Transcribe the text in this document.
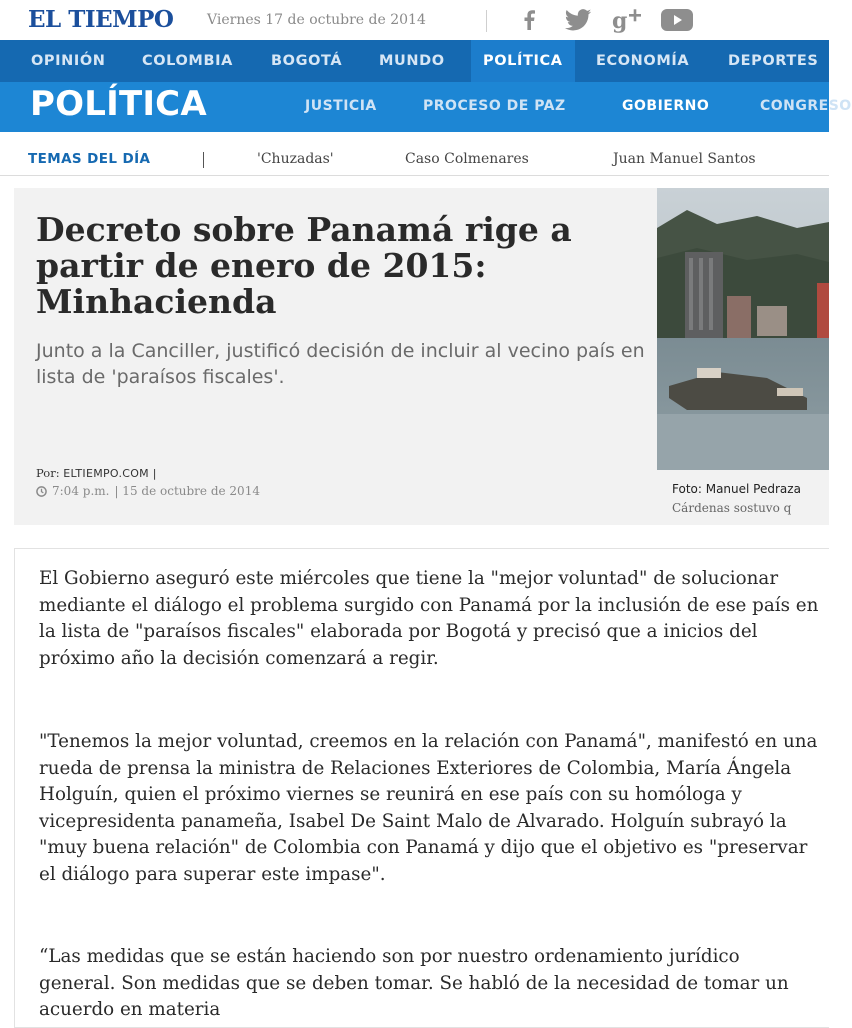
EL TIEMPO Viernes 17 de octubre de 2014	g
OPINIÓN	COLOMBIA	BOGOTÁ	MUNDO	POLÍTICA	ECONOMÍA	DEPORTES
POLÍTICA	JUSTICIA	PROCESO DE PAZ	GOBIERNO	CONGRESO
TEMAS DEL DÍA	'Chuzadas'	Caso Colmenares	Juan Manuel Santos
Decreto sobre Panamá rige a partir de enero de 2015: Minhacienda

Junto a la Canciller, justificó decisión de incluir al vecino país en lista de 'paraísos fiscales'.

Por: ELTIEMPO.COM |
7:04 p.m. | 15 de octubre de 2014	Foto: Manuel Pedraza
Cárdenas sostuvo q

El Gobierno aseguró este miércoles que tiene la "mejor voluntad" de solucionar mediante el diálogo el problema surgido con Panamá por la inclusión de ese país en la lista de "paraísos fiscales" elaborada por Bogotá y precisó que a inicios del próximo año la decisión comenzará a regir.

"Tenemos la mejor voluntad, creemos en la relación con Panamá", manifestó en una rueda de prensa la ministra de Relaciones Exteriores de Colombia, María Ángela Holguín, quien el próximo viernes se reunirá en ese país con su homóloga y vicepresidenta panameña, Isabel De Saint Malo de Alvarado. Holguín subrayó la "muy buena relación" de Colombia con Panamá y dijo que el objetivo es "preservar el diálogo para superar este impase".

“Las medidas que se están haciendo son por nuestro ordenamiento jurídico general. Son medidas que se deben tomar. Se habló de la necesidad de tomar un acuerdo en materia
